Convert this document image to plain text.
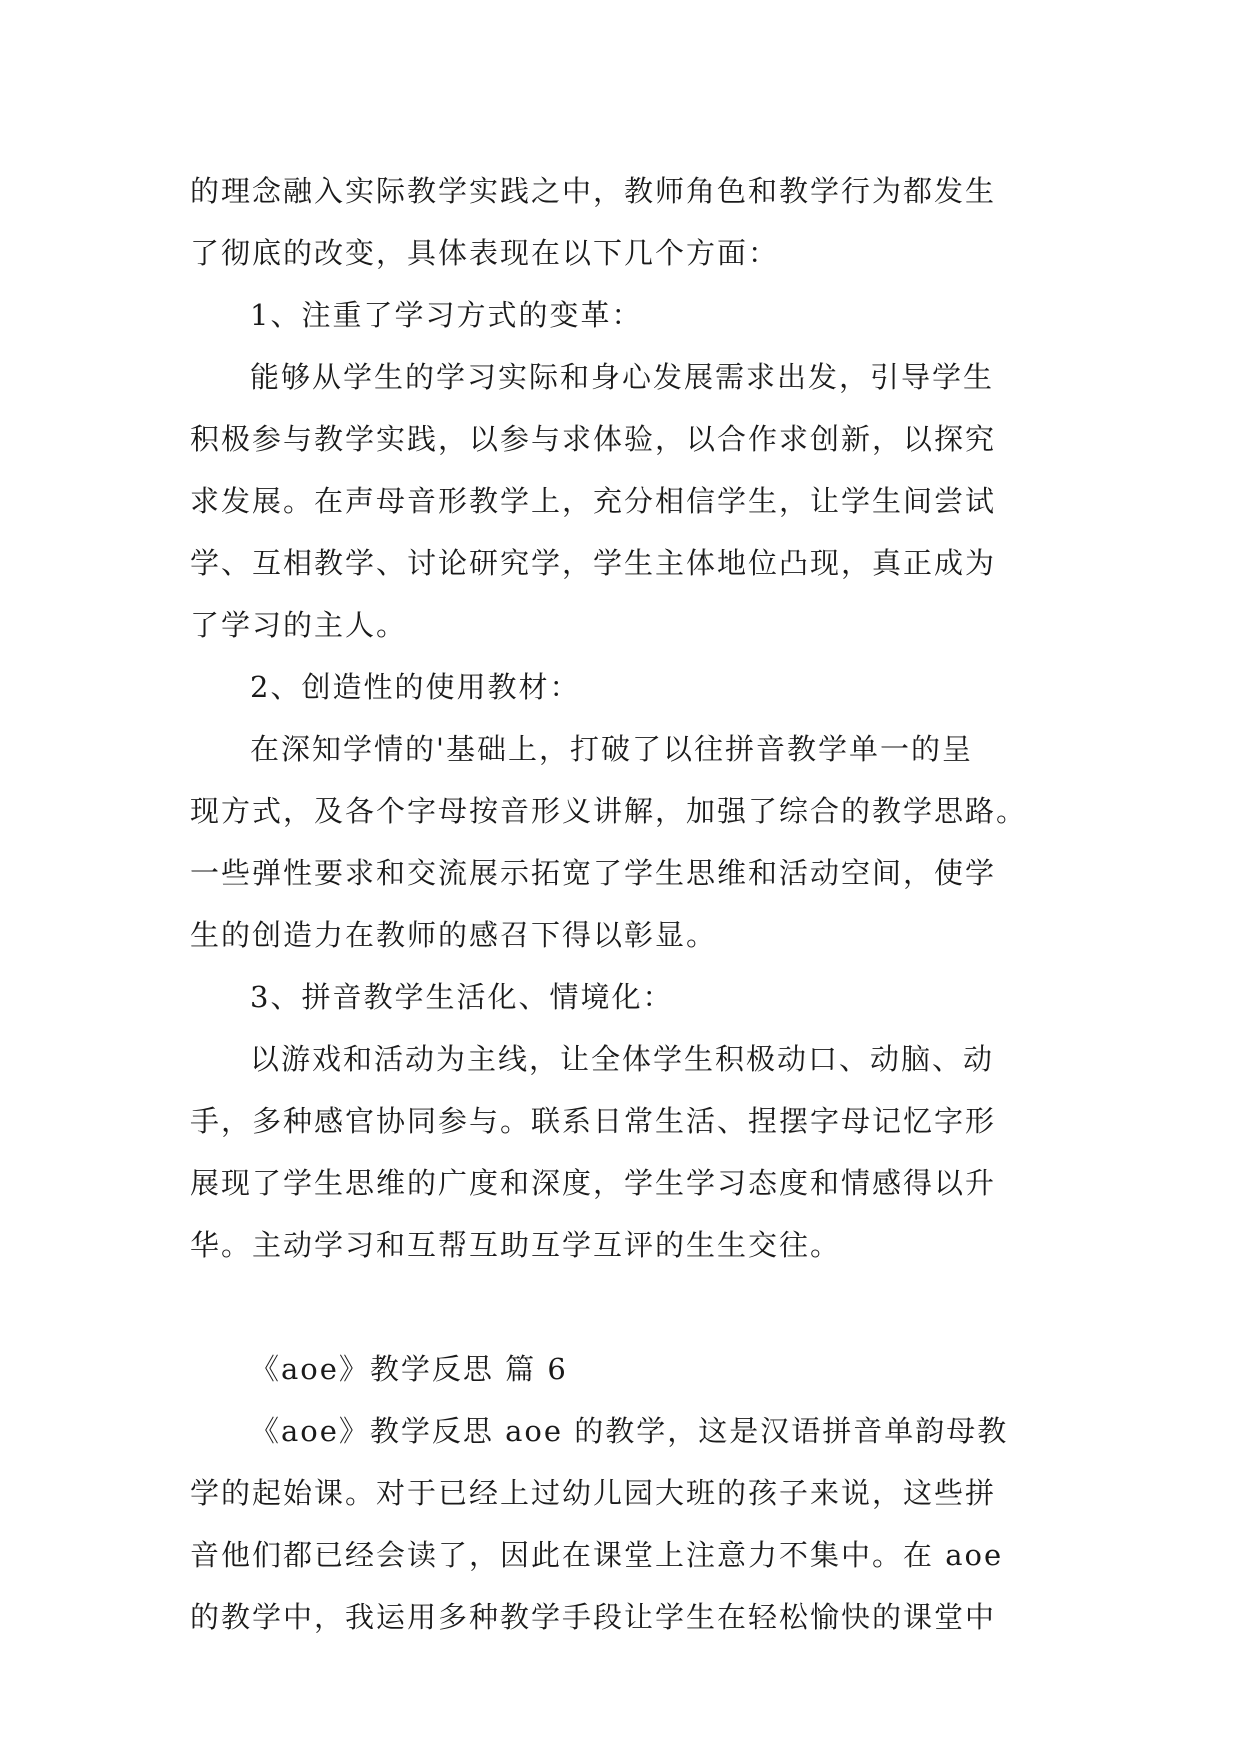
的理念融入实际教学实践之中，教师角色和教学行为都发生
了彻底的改变，具体表现在以下几个方面：
1、注重了学习方式的变革：
能够从学生的学习实际和身心发展需求出发，引导学生
积极参与教学实践，以参与求体验，以合作求创新，以探究
求发展。在声母音形教学上，充分相信学生，让学生间尝试
学、互相教学、讨论研究学，学生主体地位凸现，真正成为
了学习的主人。
2、创造性的使用教材：
在深知学情的'基础上，打破了以往拼音教学单一的呈
现方式，及各个字母按音形义讲解，加强了综合的教学思路。
一些弹性要求和交流展示拓宽了学生思维和活动空间，使学
生的创造力在教师的感召下得以彰显。
3、拼音教学生活化、情境化：
以游戏和活动为主线，让全体学生积极动口、动脑、动
手，多种感官协同参与。联系日常生活、捏摆字母记忆字形
展现了学生思维的广度和深度，学生学习态度和情感得以升
华。主动学习和互帮互助互学互评的生生交往。
《aoe》教学反思 篇 6
《aoe》教学反思 aoe 的教学，这是汉语拼音单韵母教
学的起始课。对于已经上过幼儿园大班的孩子来说，这些拼
音他们都已经会读了，因此在课堂上注意力不集中。在 aoe
的教学中，我运用多种教学手段让学生在轻松愉快的课堂中
